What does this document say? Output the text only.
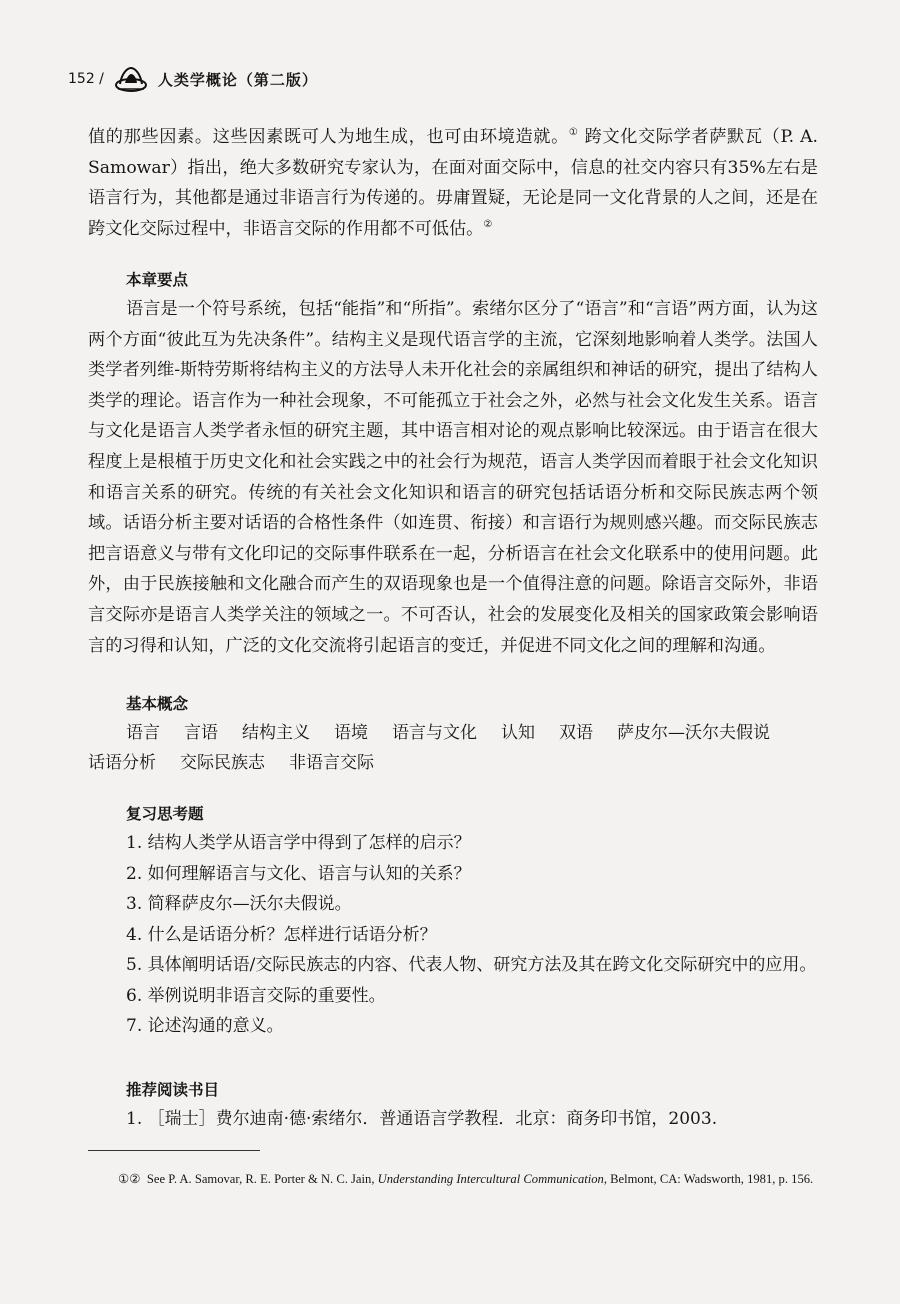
152 /	人类学概论（第二版）

值的那些因素。这些因素既可人为地生成，也可由环境造就。① 跨文化交际学者萨默瓦（P. A. Samowar）指出，绝大多数研究专家认为，在面对面交际中，信息的社交内容只有35%左右是语言行为，其他都是通过非语言行为传递的。毋庸置疑，无论是同一文化背景的人之间，还是在跨文化交际过程中，非语言交际的作用都不可低估。②

本章要点

语言是一个符号系统，包括“能指”和“所指”。索绪尔区分了“语言”和“言语”两方面，认为这两个方面“彼此互为先决条件”。结构主义是现代语言学的主流，它深刻地影响着人类学。法国人类学者列维-斯特劳斯将结构主义的方法导人未开化社会的亲属组织和神话的研究，提出了结构人类学的理论。语言作为一种社会现象，不可能孤立于社会之外，必然与社会文化发生关系。语言与文化是语言人类学者永恒的研究主题，其中语言相对论的观点影响比较深远。由于语言在很大程度上是根植于历史文化和社会实践之中的社会行为规范，语言人类学因而着眼于社会文化知识和语言关系的研究。传统的有关社会文化知识和语言的研究包括话语分析和交际民族志两个领域。话语分析主要对话语的合格性条件（如连贯、衔接）和言语行为规则感兴趣。而交际民族志把言语意义与带有文化印记的交际事件联系在一起，分析语言在社会文化联系中的使用问题。此外，由于民族接触和文化融合而产生的双语现象也是一个值得注意的问题。除语言交际外，非语言交际亦是语言人类学关注的领域之一。不可否认，社会的发展变化及相关的国家政策会影响语言的习得和认知，广泛的文化交流将引起语言的变迁，并促进不同文化之间的理解和沟通。

基本概念
语言 言语 结构主义 语境 语言与文化 认知 双语 萨皮尔—沃尔夫假说
话语分析 交际民族志 非语言交际
复习思考题

1. 结构人类学从语言学中得到了怎样的启示？

2. 如何理解语言与文化、语言与认知的关系？

3. 简释萨皮尔—沃尔夫假说。

4. 什么是话语分析？怎样进行话语分析？

5. 具体阐明话语/交际民族志的内容、代表人物、研究方法及其在跨文化交际研究中的应用。

6. 举例说明非语言交际的重要性。

7. 论述沟通的意义。

推荐阅读书目

1. ［瑞士］费尔迪南·德·索绪尔．普通语言学教程．北京：商务印书馆，2003.

①② See P. A. Samovar, R. E. Porter & N. C. Jain, Understanding Intercultural Communication, Belmont, CA: Wadsworth, 1981, p. 156.
